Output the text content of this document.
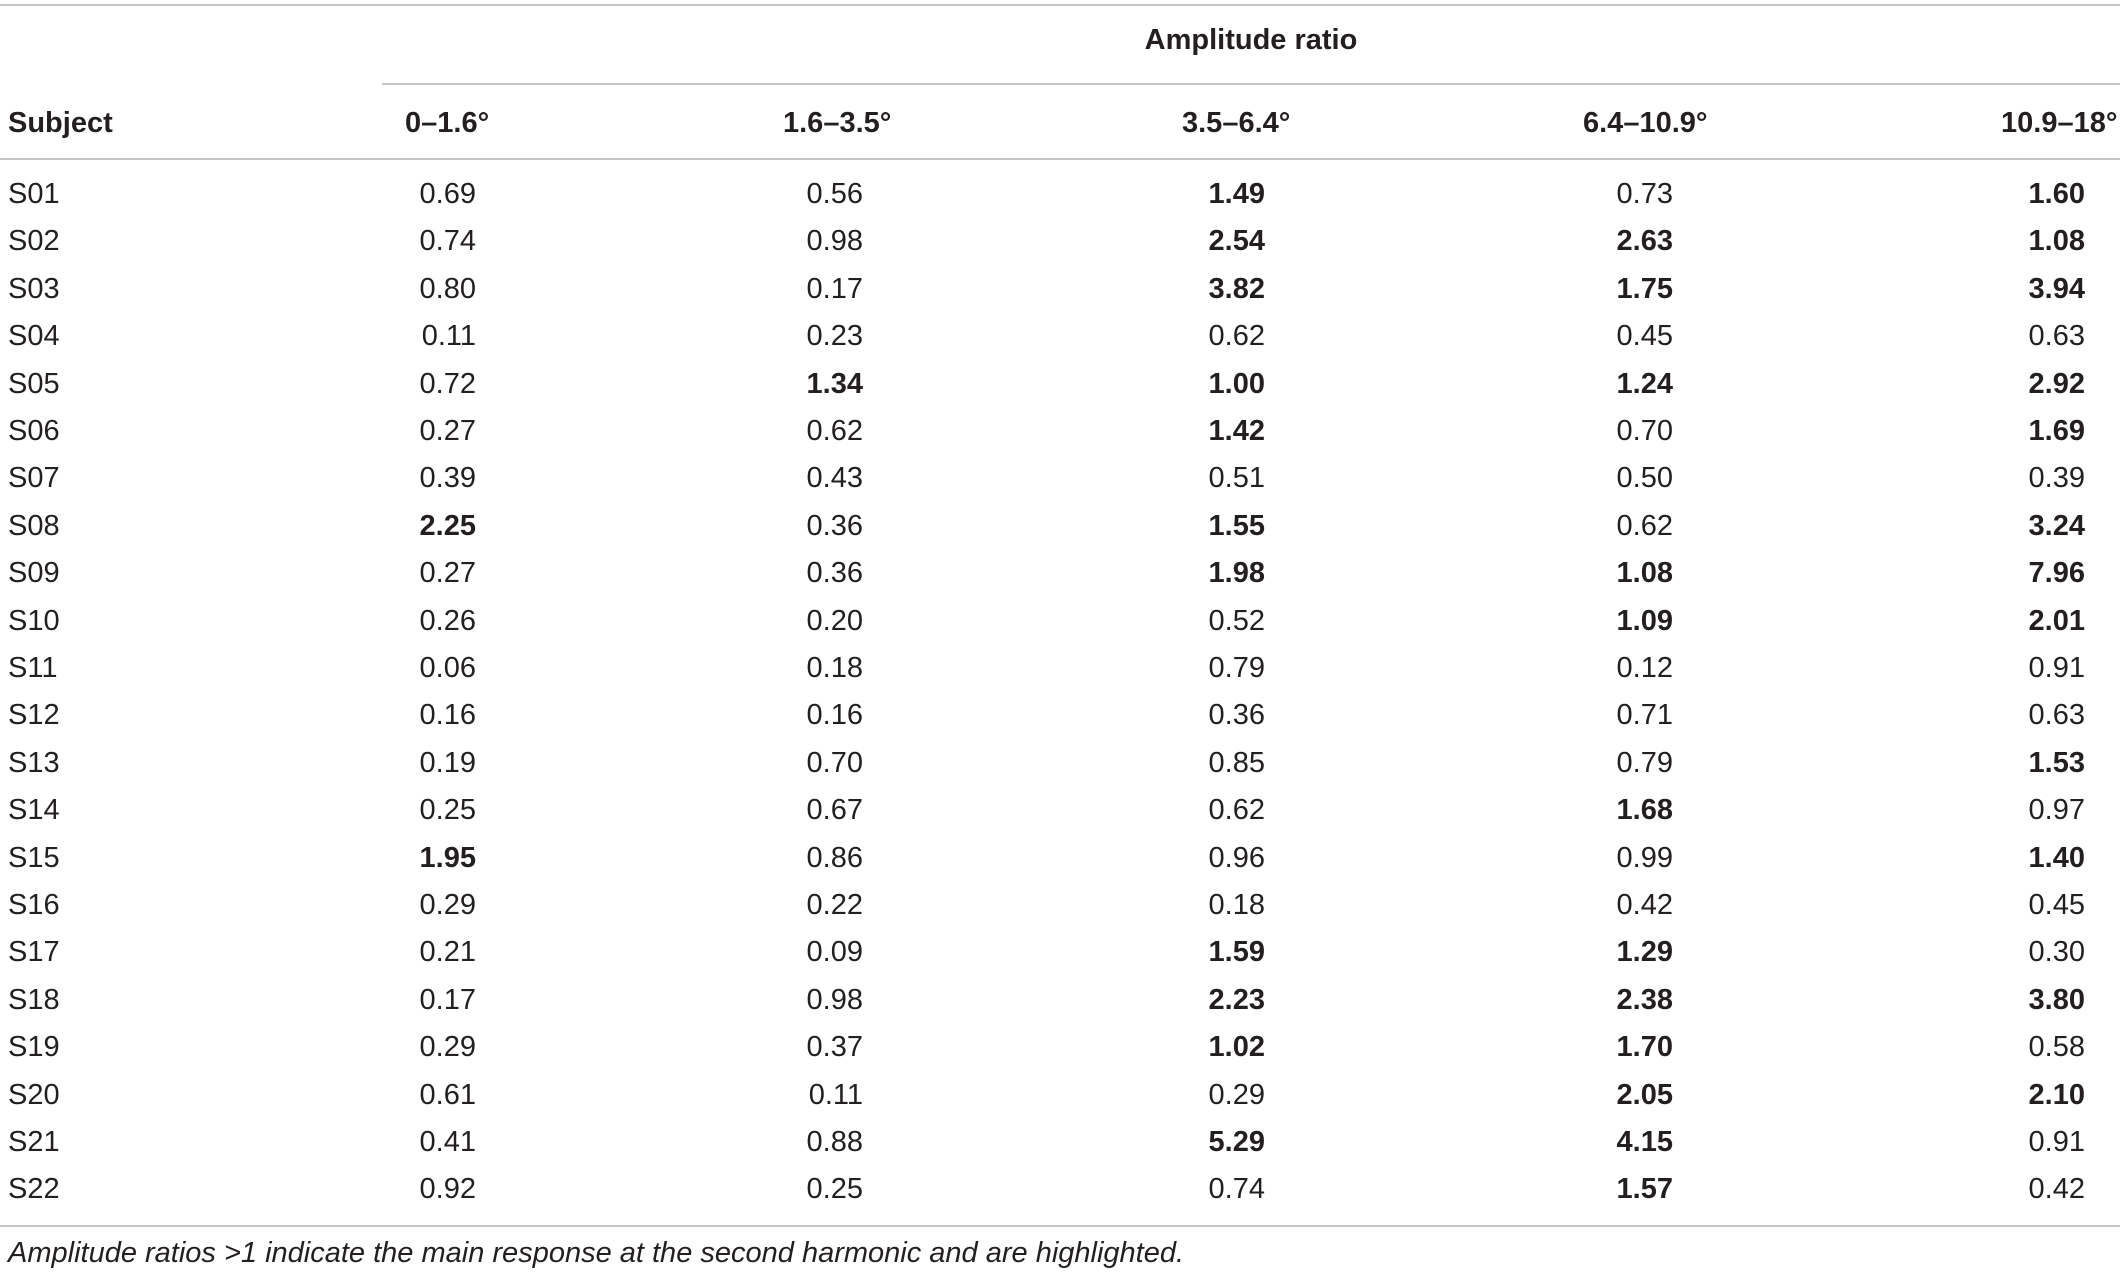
Amplitude ratio
Subject	0–1.6°	1.6–3.5°	3.5–6.4°	6.4–10.9°	10.9–18°
S01	0.69	0.56	1.49	0.73	1.60
S02	0.74	0.98	2.54	2.63	1.08
S03	0.80	0.17	3.82	1.75	3.94
S04	0.11	0.23	0.62	0.45	0.63
S05	0.72	1.34	1.00	1.24	2.92
S06	0.27	0.62	1.42	0.70	1.69
S07	0.39	0.43	0.51	0.50	0.39
S08	2.25	0.36	1.55	0.62	3.24
S09	0.27	0.36	1.98	1.08	7.96
S10	0.26	0.20	0.52	1.09	2.01
S11	0.06	0.18	0.79	0.12	0.91
S12	0.16	0.16	0.36	0.71	0.63
S13	0.19	0.70	0.85	0.79	1.53
S14	0.25	0.67	0.62	1.68	0.97
S15	1.95	0.86	0.96	0.99	1.40
S16	0.29	0.22	0.18	0.42	0.45
S17	0.21	0.09	1.59	1.29	0.30
S18	0.17	0.98	2.23	2.38	3.80
S19	0.29	0.37	1.02	1.70	0.58
S20	0.61	0.11	0.29	2.05	2.10
S21	0.41	0.88	5.29	4.15	0.91
S22	0.92	0.25	0.74	1.57	0.42
Amplitude ratios >1 indicate the main response at the second harmonic and are highlighted.
